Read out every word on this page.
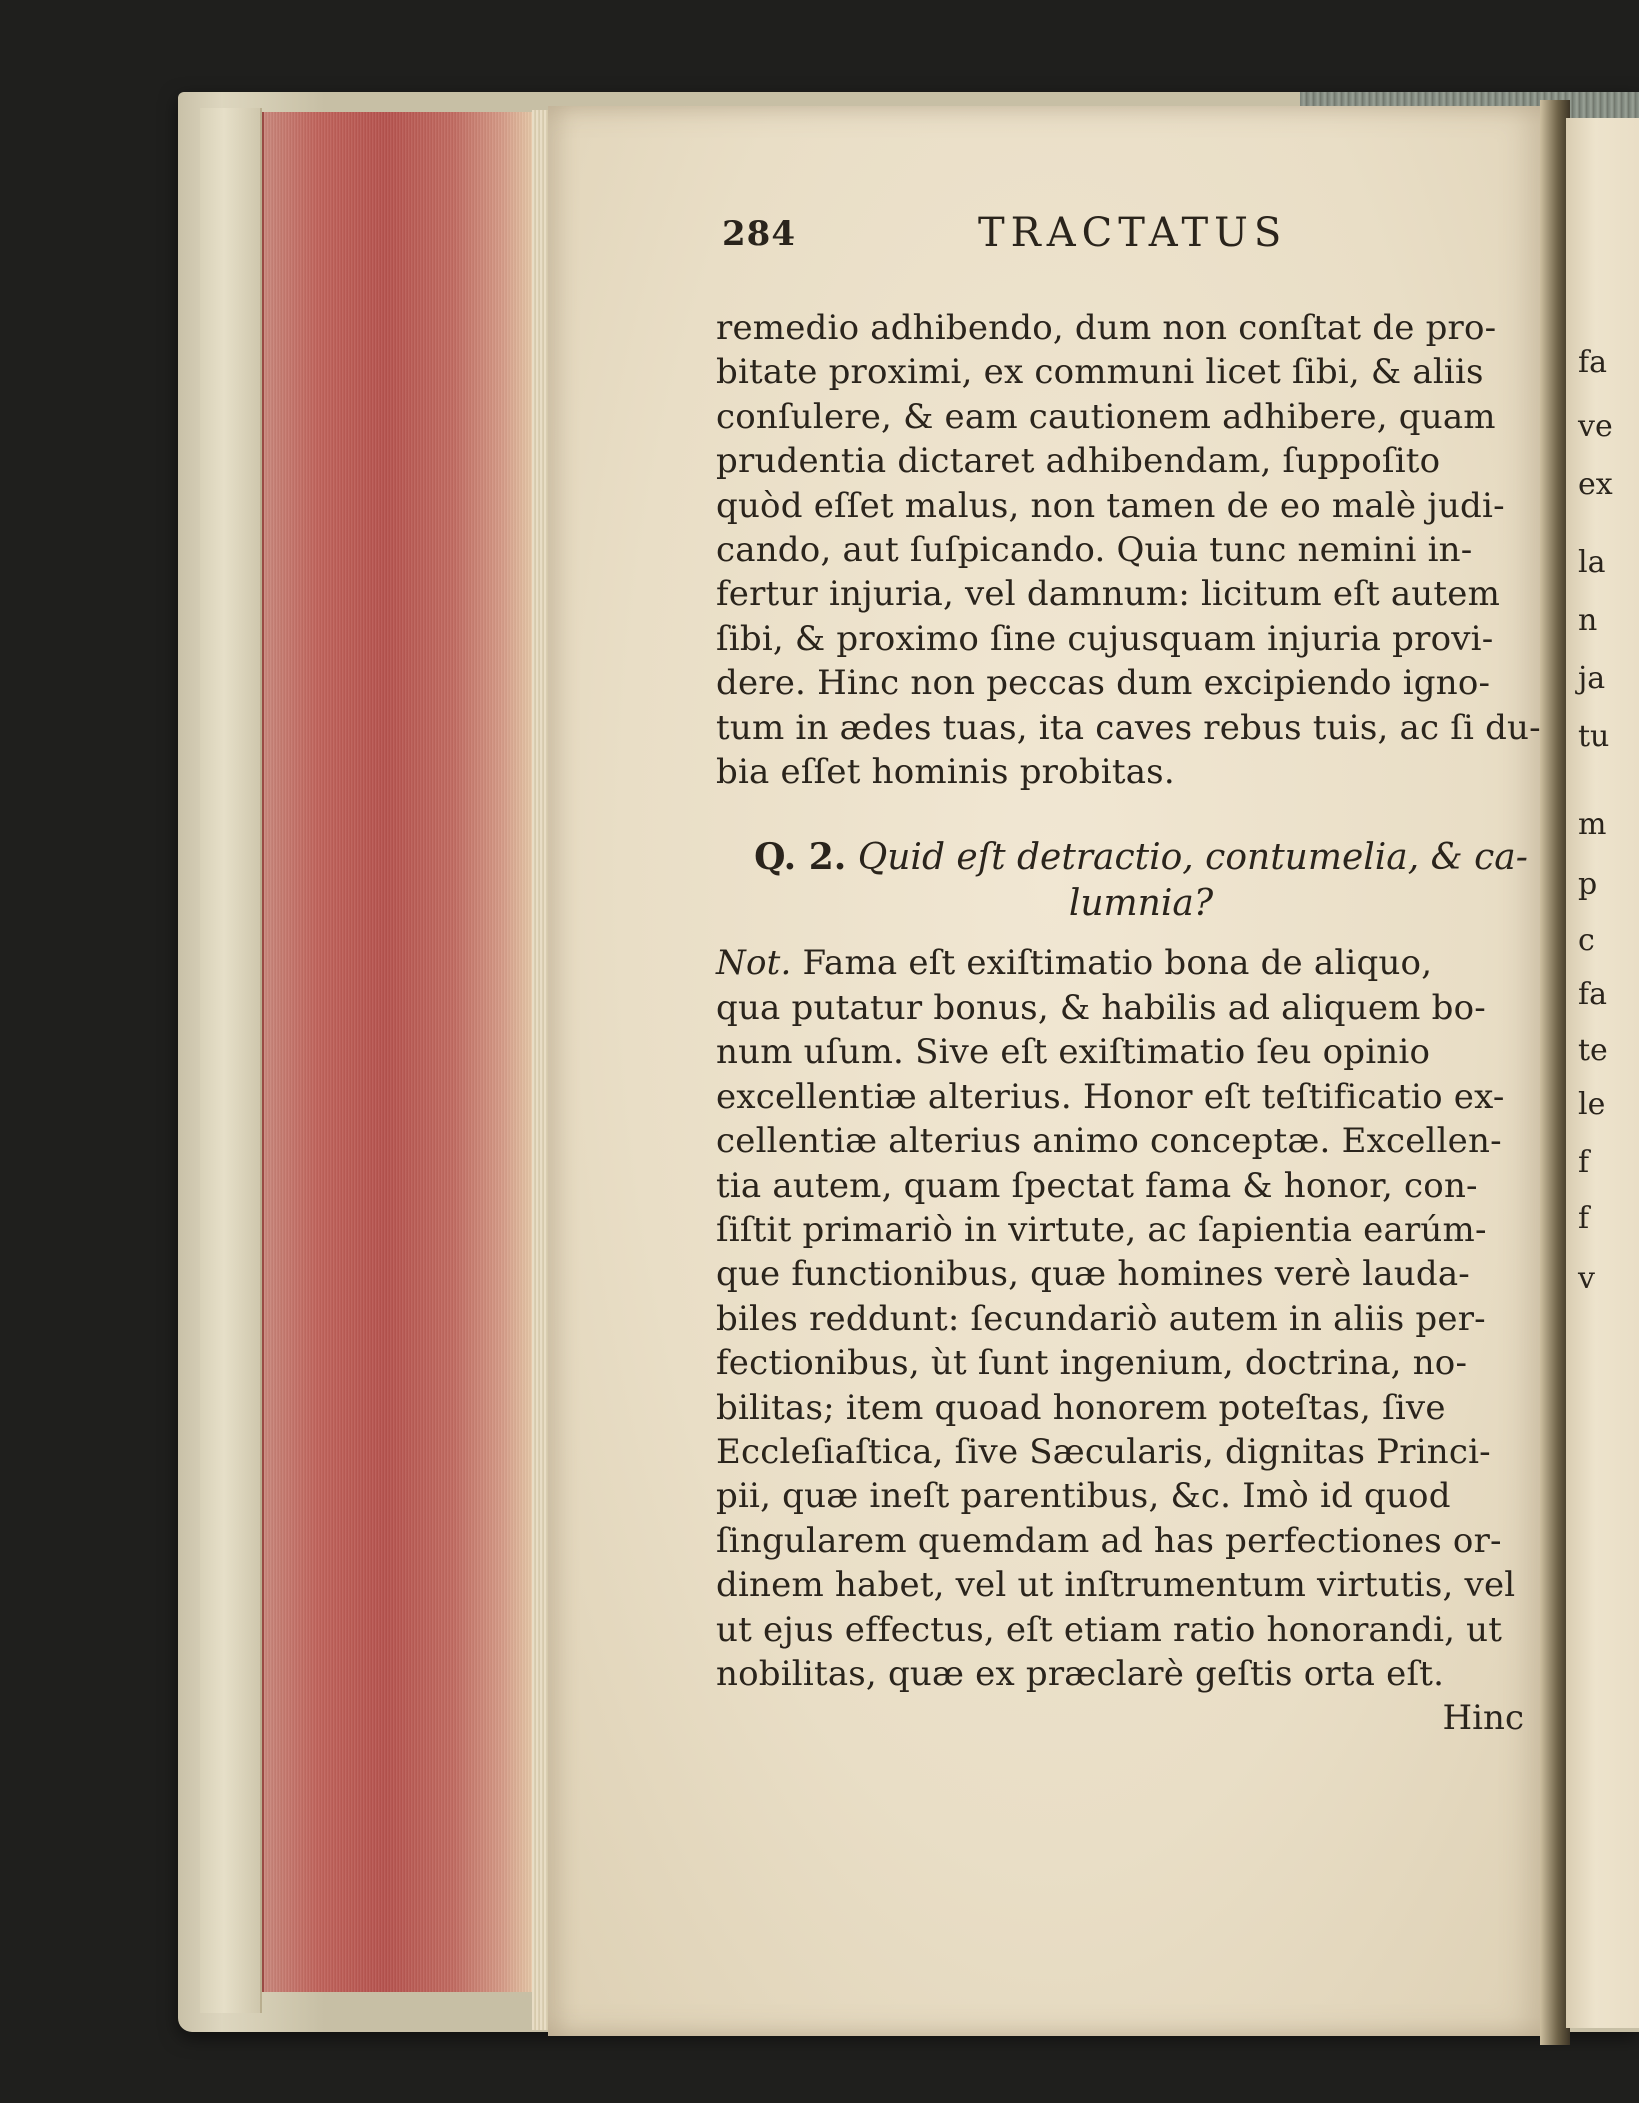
fa
ve
ex
la
n
ja
tu
m
p
c
fa
te
le
f
f
v
284	TRACTATUS
remedio adhibendo, dum non conſtat de pro-
bitate proximi, ex communi licet ſibi, & aliis
conſulere, & eam cautionem adhibere, quam
prudentia dictaret adhibendam, ſuppoſito
quòd eſſet malus, non tamen de eo malè judi-
cando, aut ſuſpicando. Quia tunc nemini in-
fertur injuria, vel damnum: licitum eſt autem
ſibi, & proximo ſine cujusquam injuria provi-
dere. Hinc non peccas dum excipiendo igno-
tum in ædes tuas, ita caves rebus tuis, ac ſi du-
bia eſſet hominis probitas.
Q. 2. Quid eſt detractio, contumelia, & ca-
lumnia?
Not. Fama eſt exiſtimatio bona de aliquo,
qua putatur bonus, & habilis ad aliquem bo-
num uſum. Sive eſt exiſtimatio ſeu opinio
excellentiæ alterius. Honor eſt teſtificatio ex-
cellentiæ alterius animo conceptæ. Excellen-
tia autem, quam ſpectat fama & honor, con-
ſiſtit primariò in virtute, ac ſapientia earúm-
que functionibus, quæ homines verè lauda-
biles reddunt: ſecundariò autem in aliis per-
fectionibus, ùt ſunt ingenium, doctrina, no-
bilitas; item quoad honorem poteſtas, ſive
Eccleſiaſtica, ſive Sæcularis, dignitas Princi-
pii, quæ ineſt parentibus, &c. Imò id quod
ſingularem quemdam ad has perfectiones or-
dinem habet, vel ut inſtrumentum virtutis, vel
ut ejus effectus, eſt etiam ratio honorandi, ut
nobilitas, quæ ex præclarè geſtis orta eſt.
Hinc
